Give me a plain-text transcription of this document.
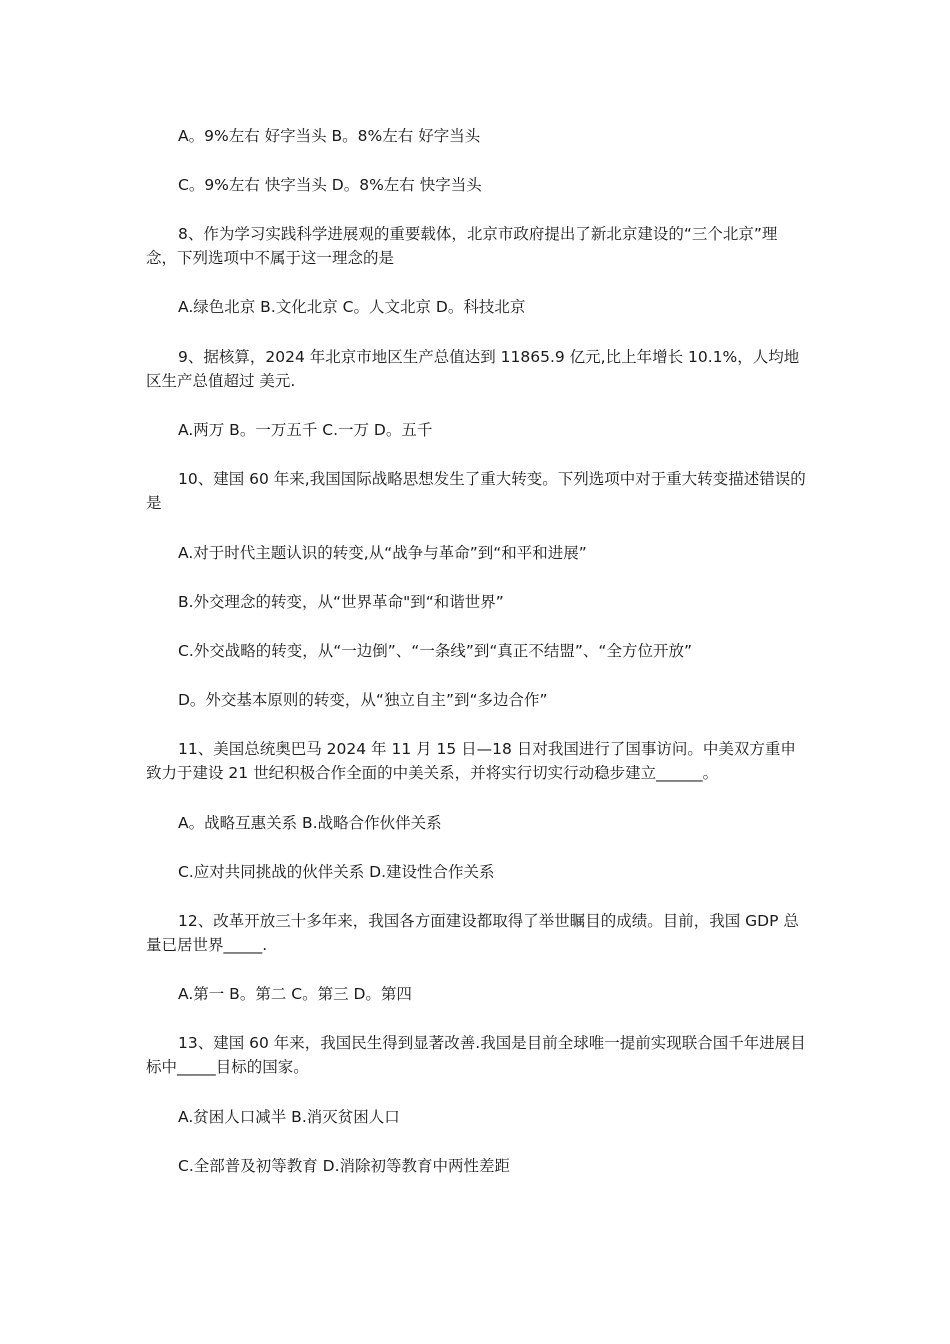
A。9%左右 好字当头 B。8%左右 好字当头

C。9%左右 快字当头 D。8%左右 快字当头

8、作为学习实践科学进展观的重要载体，北京市政府提出了新北京建设的“三个北京”理念，下列选项中不属于这一理念的是

A.绿色北京 B.文化北京 C。人文北京 D。科技北京

9、据核算，2024 年北京市地区生产总值达到 11865.9 亿元,比上年增长 10.1%，人均地区生产总值超过 美元.

A.两万 B。一万五千 C.一万 D。五千

10、建国 60 年来,我国国际战略思想发生了重大转变。下列选项中对于重大转变描述错误的是

A.对于时代主题认识的转变,从“战争与革命”到“和平和进展”

B.外交理念的转变，从“世界革命"到“和谐世界”

C.外交战略的转变，从“一边倒”、“一条线”到“真正不结盟”、“全方位开放”

D。外交基本原则的转变，从“独立自主”到“多边合作”

11、美国总统奥巴马 2024 年 11 月 15 日—18 日对我国进行了国事访问。中美双方重申致力于建设 21 世纪积极合作全面的中美关系，并将实行切实行动稳步建立______。

A。战略互惠关系 B.战略合作伙伴关系

C.应对共同挑战的伙伴关系 D.建设性合作关系

12、改革开放三十多年来，我国各方面建设都取得了举世瞩目的成绩。目前，我国 GDP 总量已居世界_____.

A.第一 B。第二 C。第三 D。第四

13、建国 60 年来，我国民生得到显著改善.我国是目前全球唯一提前实现联合国千年进展目标中_____目标的国家。

A.贫困人口减半 B.消灭贫困人口

C.全部普及初等教育 D.消除初等教育中两性差距
